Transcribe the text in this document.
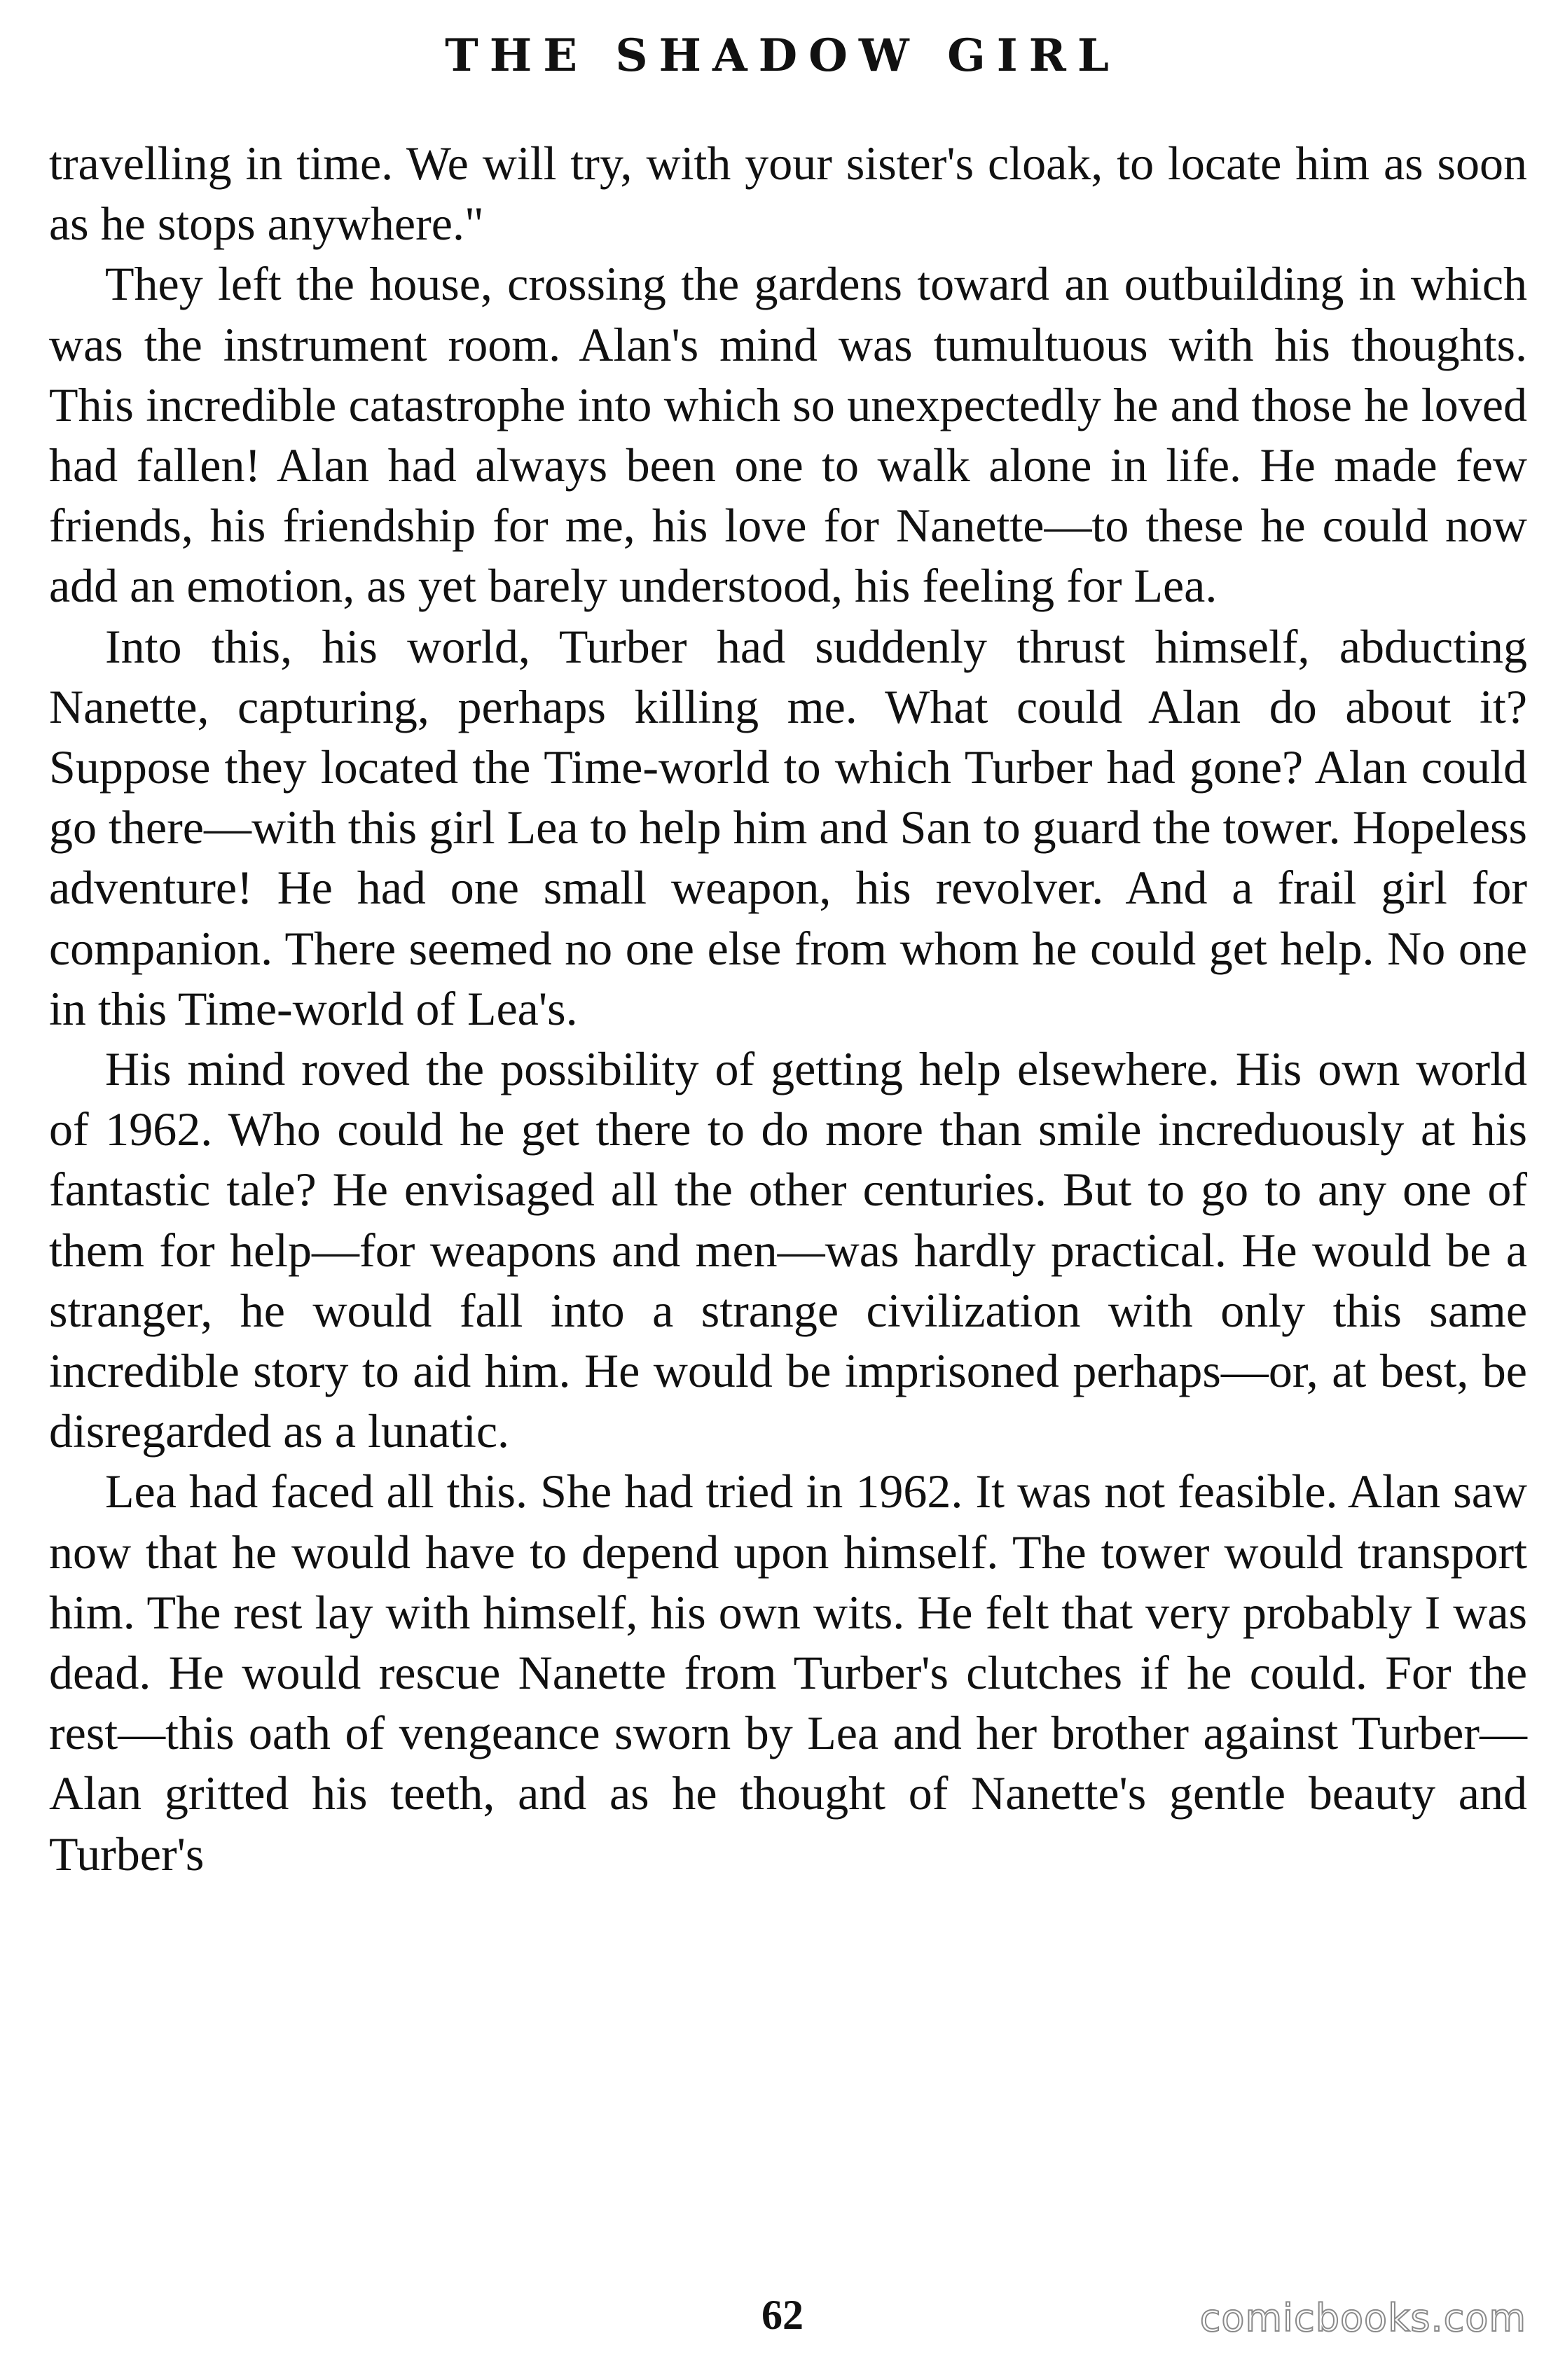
THE SHADOW GIRL

travelling in time. We will try, with your sister's cloak, to locate him as soon as he stops anywhere."

They left the house, crossing the gardens toward an outbuilding in which was the instrument room. Alan's mind was tumultuous with his thoughts. This incredible catastrophe into which so unexpectedly he and those he loved had fallen! Alan had always been one to walk alone in life. He made few friends, his friendship for me, his love for Nanette—to these he could now add an emotion, as yet barely understood, his feeling for Lea.

Into this, his world, Turber had suddenly thrust himself, abducting Nanette, capturing, perhaps killing me. What could Alan do about it? Suppose they located the Time-world to which Turber had gone? Alan could go there—with this girl Lea to help him and San to guard the tower. Hopeless adventure! He had one small weapon, his revolver. And a frail girl for companion. There seemed no one else from whom he could get help. No one in this Time-world of Lea's.

His mind roved the possibility of getting help elsewhere. His own world of 1962. Who could he get there to do more than smile increduously at his fantastic tale? He envisaged all the other centuries. But to go to any one of them for help—for weapons and men—was hardly practical. He would be a stranger, he would fall into a strange civilization with only this same incredible story to aid him. He would be imprisoned perhaps—or, at best, be disregarded as a lunatic.

Lea had faced all this. She had tried in 1962. It was not feasible. Alan saw now that he would have to depend upon himself. The tower would transport him. The rest lay with himself, his own wits. He felt that very probably I was dead. He would rescue Nanette from Turber's clutches if he could. For the rest—this oath of vengeance sworn by Lea and her brother against Turber—Alan gritted his teeth, and as he thought of Nanette's gentle beauty and Turber's

62	comicbooks.com
